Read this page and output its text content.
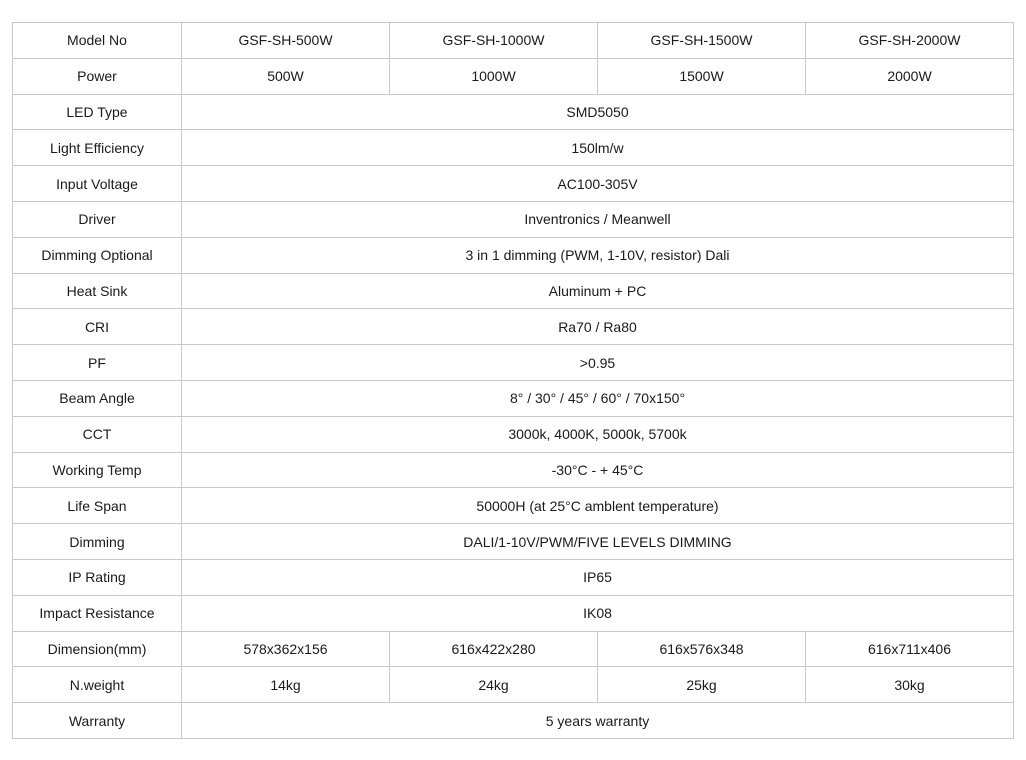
Model No	GSF-SH-500W	GSF-SH-1000W	GSF-SH-1500W	GSF-SH-2000W
Power	500W	1000W	1500W	2000W
LED Type	SMD5050			
Light Efficiency	150lm/w			
Input Voltage	AC100-305V			
Driver	Inventronics / Meanwell			
Dimming Optional	3 in 1 dimming (PWM, 1-10V, resistor) Dali			
Heat Sink	Aluminum + PC			
CRI	Ra70 / Ra80			
PF	>0.95			
Beam Angle	8° / 30° / 45° / 60° / 70x150°			
CCT	3000k, 4000K, 5000k, 5700k			
Working Temp	-30°C - + 45°C			
Life Span	50000H (at 25°C amblent temperature)			
Dimming	DALI/1-10V/PWM/FIVE LEVELS DIMMING			
IP Rating	IP65			
Impact Resistance	IK08			
Dimension(mm)	578x362x156	616x422x280	616x576x348	616x711x406
N.weight	14kg	24kg	25kg	30kg
Warranty	5 years warranty			
